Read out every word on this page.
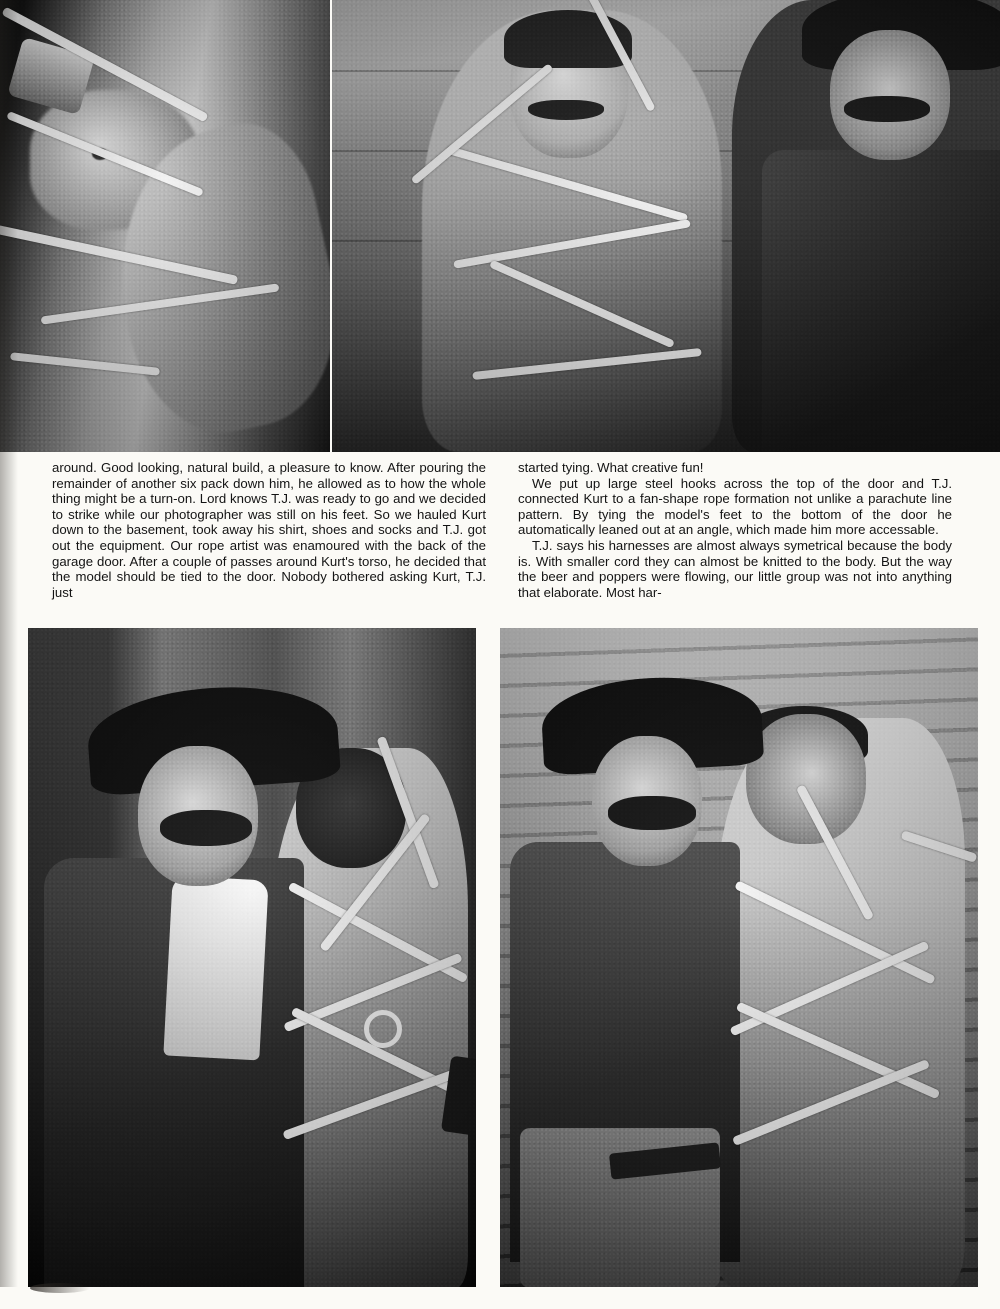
around. Good looking, natural build, a pleasure to know. After pouring the remainder of another six pack down him, he allowed as to how the whole thing might be a turn-on. Lord knows T.J. was ready to go and we decided to strike while our photographer was still on his feet. So we hauled Kurt down to the basement, took away his shirt, shoes and socks and T.J. got out the equipment. Our rope artist was enamoured with the back of the garage door. After a couple of passes around Kurt's torso, he decided that the model should be tied to the door. Nobody bothered asking Kurt, T.J. just

started tying. What creative fun!

We put up large steel hooks across the top of the door and T.J. connected Kurt to a fan-shape rope formation not unlike a parachute line pattern. By tying the model's feet to the bottom of the door he automatically leaned out at an angle, which made him more accessable.

T.J. says his harnesses are almost always symetrical because the body is. With smaller cord they can almost be knitted to the body. But the way the beer and poppers were flowing, our little group was not into anything that elaborate. Most har-
